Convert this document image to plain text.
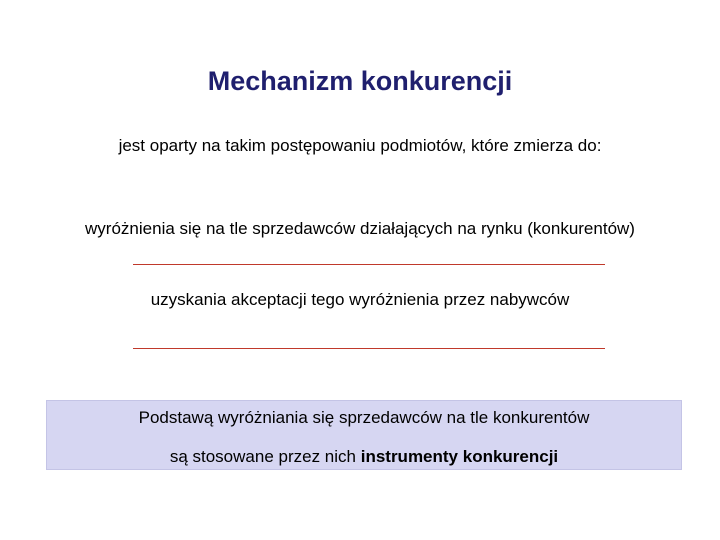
Mechanizm konkurencji
jest oparty na takim postępowaniu podmiotów, które zmierza do:
wyróżnienia się na tle sprzedawców działających na rynku (konkurentów)
uzyskania akceptacji tego wyróżnienia przez nabywców
Podstawą wyróżniania się sprzedawców na tle konkurentów
są stosowane przez nich instrumenty konkurencji
